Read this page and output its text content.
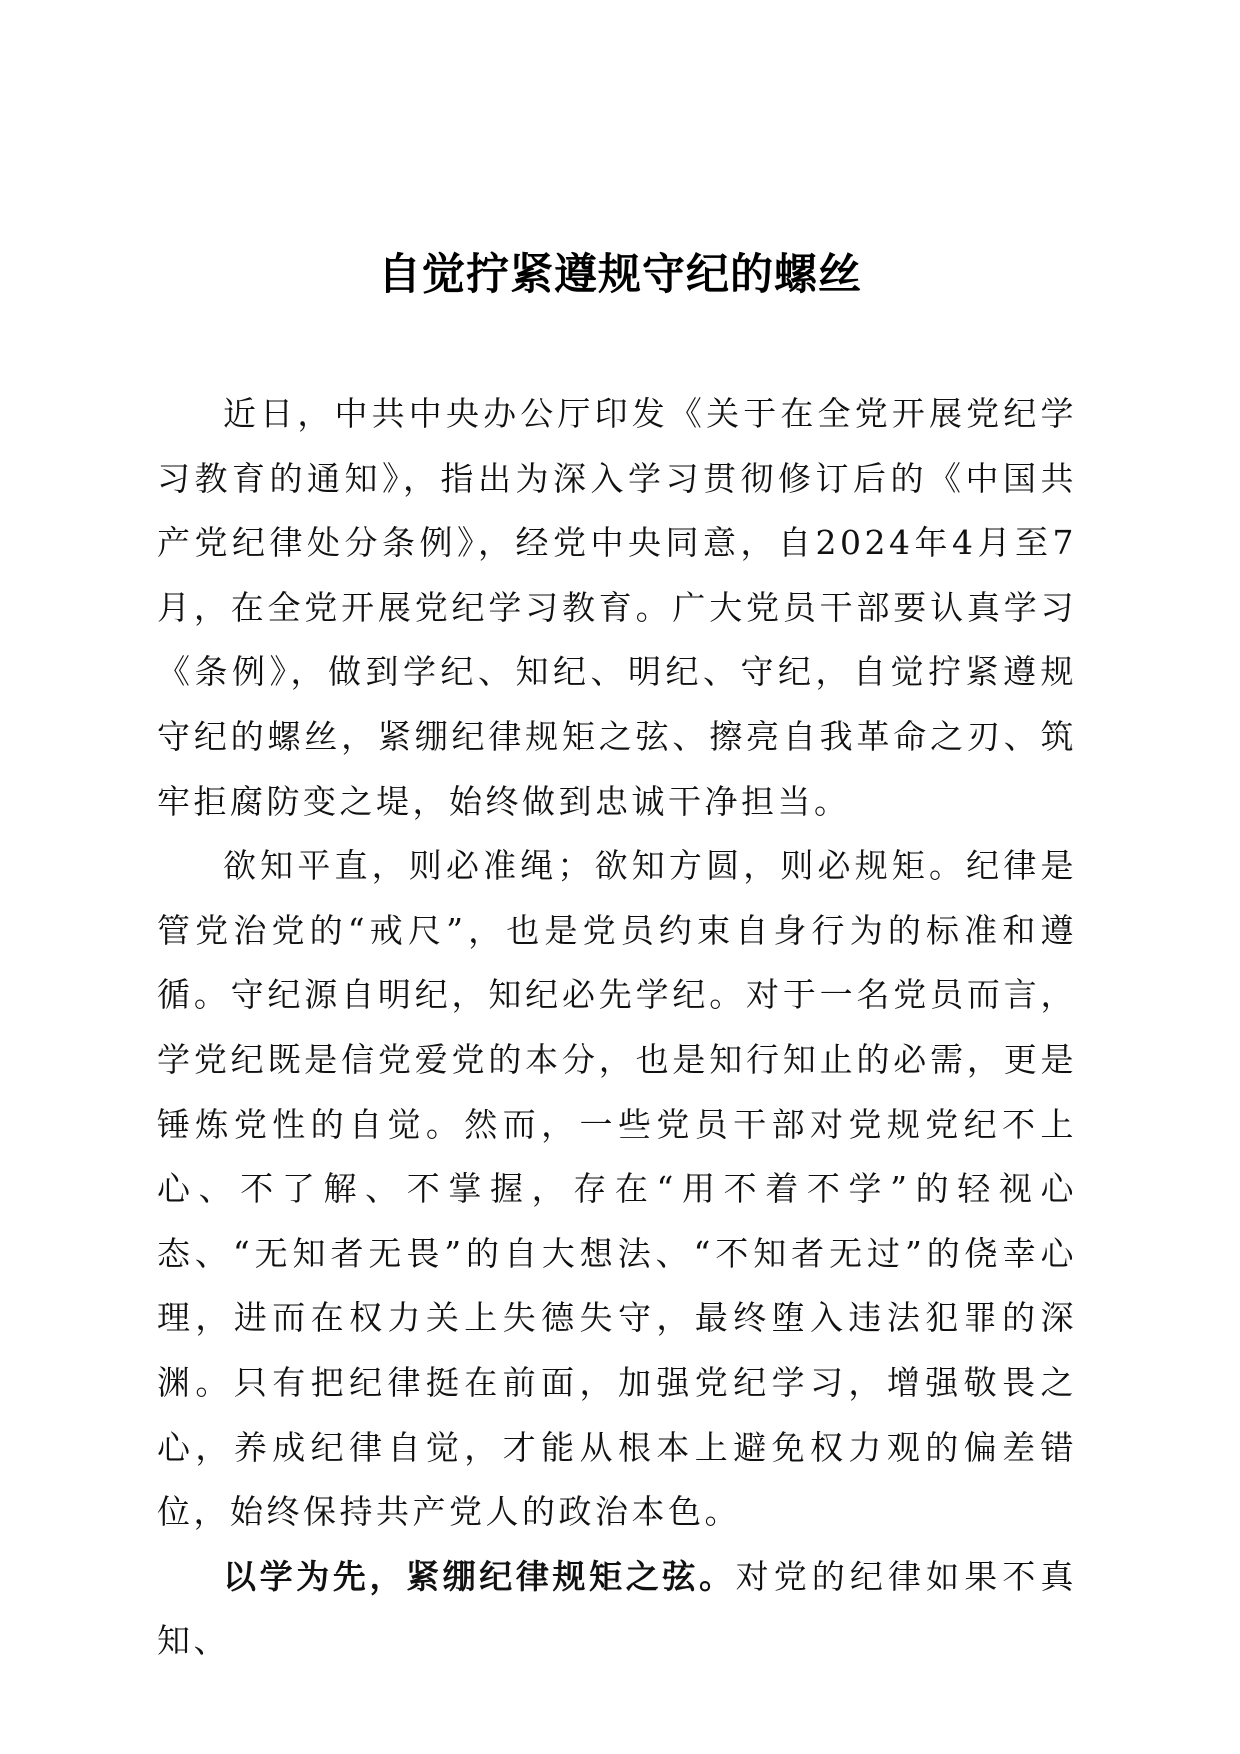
自觉拧紧遵规守纪的螺丝

近日，中共中央办公厅印发《关于在全党开展党纪学习教育的通知》，指出为深入学习贯彻修订后的《中国共产党纪律处分条例》，经党中央同意，自2024年4月至7月，在全党开展党纪学习教育。广大党员干部要认真学习《条例》，做到学纪、知纪、明纪、守纪，自觉拧紧遵规守纪的螺丝，紧绷纪律规矩之弦、擦亮自我革命之刃、筑牢拒腐防变之堤，始终做到忠诚干净担当。

欲知平直，则必准绳；欲知方圆，则必规矩。纪律是管党治党的“戒尺”，也是党员约束自身行为的标准和遵循。守纪源自明纪，知纪必先学纪。对于一名党员而言，学党纪既是信党爱党的本分，也是知行知止的必需，更是锤炼党性的自觉。然而，一些党员干部对党规党纪不上心、不了解、不掌握，存在“用不着不学”的轻视心态、“无知者无畏”的自大想法、“不知者无过”的侥幸心理，进而在权力关上失德失守，最终堕入违法犯罪的深渊。只有把纪律挺在前面，加强党纪学习，增强敬畏之心，养成纪律自觉，才能从根本上避免权力观的偏差错位，始终保持共产党人的政治本色。

以学为先，紧绷纪律规矩之弦。对党的纪律如果不真知、
